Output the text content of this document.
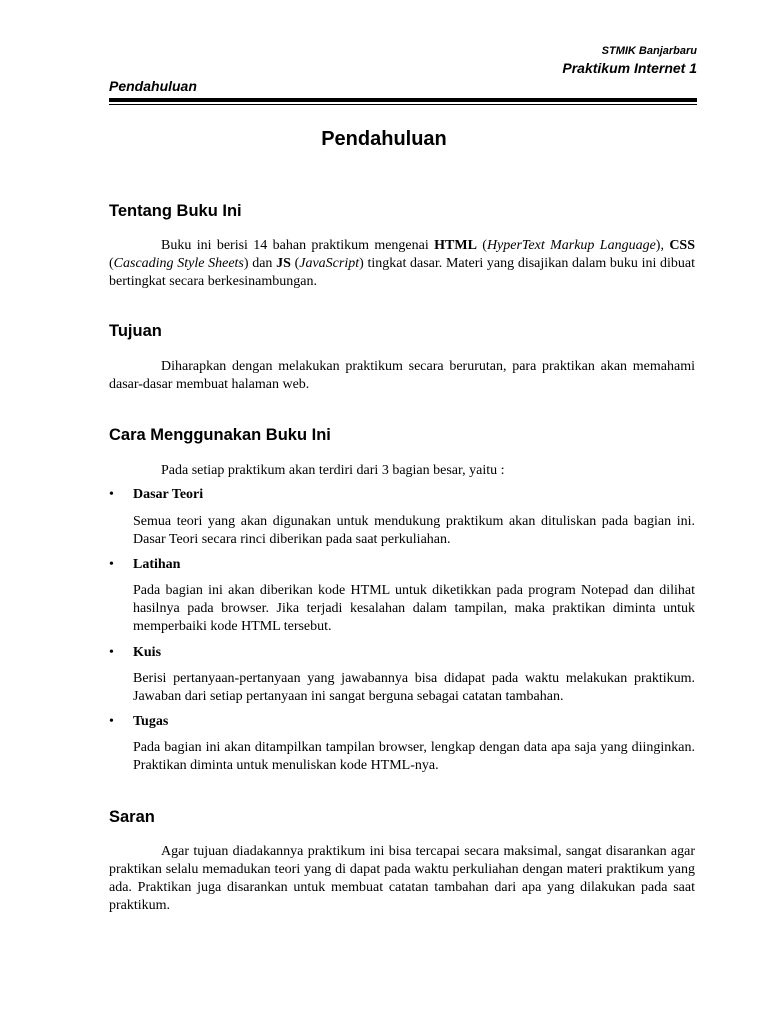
STMIK Banjarbaru
Praktikum Internet 1
Pendahuluan
Pendahuluan
Tentang Buku Ini
Buku ini berisi 14 bahan praktikum mengenai HTML (HyperText Markup Language), CSS (Cascading Style Sheets) dan JS (JavaScript) tingkat dasar. Materi yang disajikan dalam buku ini dibuat bertingkat secara berkesinambungan.
Tujuan
Diharapkan dengan melakukan praktikum secara berurutan, para praktikan akan memahami dasar-dasar membuat halaman web.
Cara Menggunakan Buku Ini
Pada setiap praktikum akan terdiri dari 3 bagian besar, yaitu :
• Dasar Teori
Semua teori yang akan digunakan untuk mendukung praktikum akan dituliskan pada bagian ini. Dasar Teori secara rinci diberikan pada saat perkuliahan.
• Latihan
Pada bagian ini akan diberikan kode HTML untuk diketikkan pada program Notepad dan dilihat hasilnya pada browser. Jika terjadi kesalahan dalam tampilan, maka praktikan diminta untuk memperbaiki kode HTML tersebut.
• Kuis
Berisi pertanyaan-pertanyaan yang jawabannya bisa didapat pada waktu melakukan praktikum. Jawaban dari setiap pertanyaan ini sangat berguna sebagai catatan tambahan.
• Tugas
Pada bagian ini akan ditampilkan tampilan browser, lengkap dengan data apa saja yang diinginkan. Praktikan diminta untuk menuliskan kode HTML-nya.
Saran
Agar tujuan diadakannya praktikum ini bisa tercapai secara maksimal, sangat disarankan agar praktikan selalu memadukan teori yang di dapat pada waktu perkuliahan dengan materi praktikum yang ada. Praktikan juga disarankan untuk membuat catatan tambahan dari apa yang dilakukan pada saat praktikum.
